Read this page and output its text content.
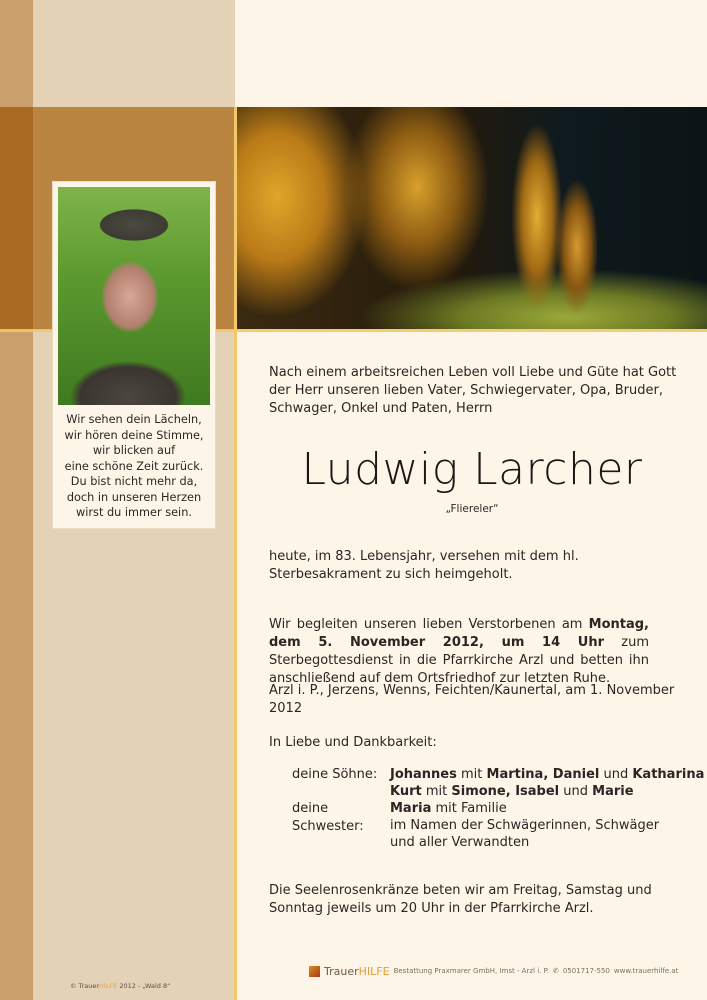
Wir sehen dein Lächeln,
wir hören deine Stimme,
wir blicken auf
eine schöne Zeit zurück.
Du bist nicht mehr da,
doch in unseren Herzen
wirst du immer sein.
Nach einem arbeitsreichen Leben voll Liebe und Güte hat Gott der Herr unseren lieben Vater, Schwiegervater, Opa, Bruder, Schwager, Onkel und Paten, Herrn
Ludwig Larcher
„Fliereler“
heute, im 83. Lebensjahr, versehen mit dem hl. Sterbesakrament zu sich heimgeholt.
Wir begleiten unseren lieben Verstorbenen am Montag, dem 5. November 2012, um 14 Uhr zum Sterbegottesdienst in die Pfarrkirche Arzl und betten ihn anschließend auf dem Ortsfriedhof zur letzten Ruhe.
Arzl i. P., Jerzens, Wenns, Feichten/Kaunertal, am 1. November 2012
In Liebe und Dankbarkeit:
deine Söhne: Johannes mit Martina, Daniel und Katharina
Kurt mit Simone, Isabel und Marie
deine Schwester:
Maria mit Familie
im Namen der Schwägerinnen, Schwäger
und aller Verwandten
Die Seelenrosenkränze beten wir am Freitag, Samstag und Sonntag jeweils um 20 Uhr in der Pfarrkirche Arzl.
Trauer HILFE Bestattung Praxmarer GmbH, Imst - Arzl i. P. ✆ 0501717-550 www.trauerhilfe.at
© TrauerHILFE 2012 - „Wald 8“
